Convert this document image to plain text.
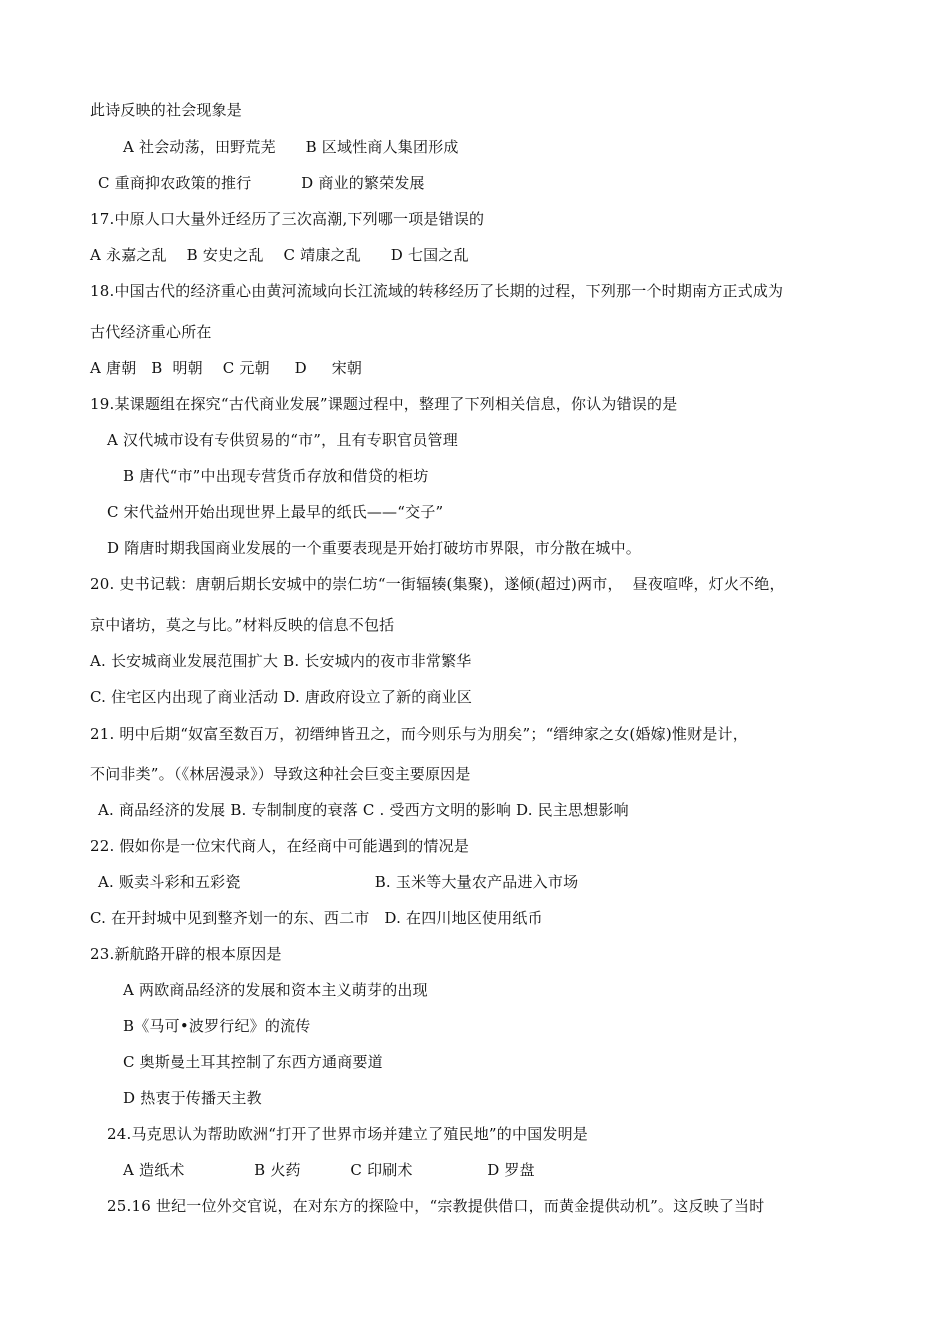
此诗反映的社会现象是
A 社会动荡，田野荒芜      B 区域性商人集团形成
C 重商抑农政策的推行          D 商业的繁荣发展
17.中原人口大量外迁经历了三次高潮,下列哪一项是错误的
A 永嘉之乱    B 安史之乱    C 靖康之乱      D 七国之乱
18.中国古代的经济重心由黄河流域向长江流域的转移经历了长期的过程，下列那一个时期南方正式成为
古代经济重心所在
A 唐朝   B  明朝    C 元朝     D     宋朝
19.某课题组在探究“古代商业发展”课题过程中，整理了下列相关信息，你认为错误的是
A 汉代城市设有专供贸易的“市”，且有专职官员管理
B 唐代“市”中出现专营货币存放和借贷的柜坊
C 宋代益州开始出现世界上最早的纸氏——“交子”
D 隋唐时期我国商业发展的一个重要表现是开始打破坊市界限，市分散在城中。
20. 史书记载：唐朝后期长安城中的崇仁坊“一街辐辏(集聚)，遂倾(超过)两市，  昼夜喧哗，灯火不绝，
京中诸坊，莫之与比。”材料反映的信息不包括
A. 长安城商业发展范围扩大 B. 长安城内的夜市非常繁华
C. 住宅区内出现了商业活动 D. 唐政府设立了新的商业区
21. 明中后期“奴富至数百万，初缙绅皆丑之，而今则乐与为朋矣”；“缙绅家之女(婚嫁)惟财是计，
不问非类”。（《林居漫录》）导致这种社会巨变主要原因是
A. 商品经济的发展 B. 专制制度的衰落 C . 受西方文明的影响 D. 民主思想影响
22. 假如你是一位宋代商人，在经商中可能遇到的情况是
A. 贩卖斗彩和五彩瓷                           B. 玉米等大量农产品进入市场
C. 在开封城中见到整齐划一的东、西二市   D. 在四川地区使用纸币
23.新航路开辟的根本原因是
A 两欧商品经济的发展和资本主义萌芽的出现
B《马可•波罗行纪》的流传
C 奥斯曼土耳其控制了东西方通商要道
D 热衷于传播天主教
24.马克思认为帮助欧洲“打开了世界市场并建立了殖民地”的中国发明是
A 造纸术              B 火药          C 印刷术               D 罗盘
25.16 世纪一位外交官说，在对东方的探险中，“宗教提供借口，而黄金提供动机”。这反映了当时
